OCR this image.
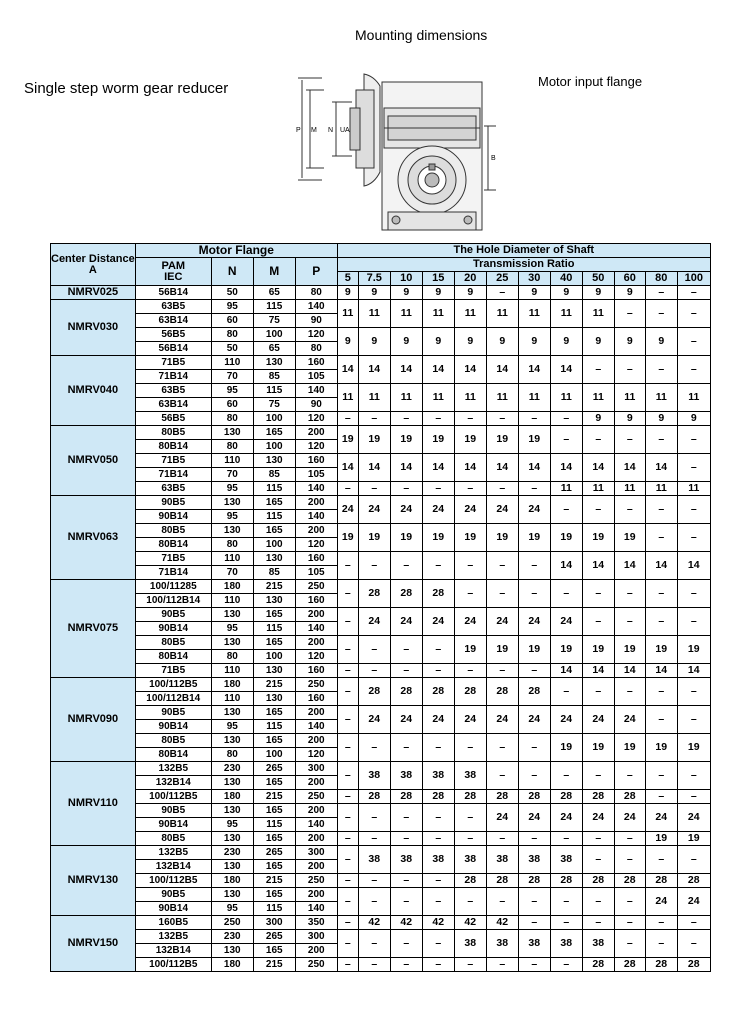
Mounting dimensions
Single step worm gear reducer	Motor input flange
P M N UA
B
Center Distance
A	Motor Flange				The Hole Diameter of Shaft											

	PAM
IEC	N	M	P	Transmission Ratio											
					5	7.5	10	15	20	25	30	40	50	60	80	100
NMRV025	56B14	50	65	80	9	9	9	9	9	–	9	9	9	9	–	–
NMRV030	63B5	95	115	140	11	11	11	11	11	11	11	11	11	–	–	–
	63B14	60	75	90												
	56B5	80	100	120	9	9	9	9	9	9	9	9	9	9	9	–
	56B14	50	65	80												
NMRV040	71B5	110	130	160	14	14	14	14	14	14	14	14	–	–	–	–
	71B14	70	85	105												
	63B5	95	115	140	11	11	11	11	11	11	11	11	11	11	11	11
	63B14	60	75	90												
	56B5	80	100	120	–	–	–	–	–	–	–	–	9	9	9	9
NMRV050	80B5	130	165	200	19	19	19	19	19	19	19	–	–	–	–	–
	80B14	80	100	120												
	71B5	110	130	160	14	14	14	14	14	14	14	14	14	14	14	–
	71B14	70	85	105												
	63B5	95	115	140	–	–	–	–	–	–	–	11	11	11	11	11
NMRV063	90B5	130	165	200	24	24	24	24	24	24	24	–	–	–	–	–
	90B14	95	115	140												
	80B5	130	165	200	19	19	19	19	19	19	19	19	19	19	–	–
	80B14	80	100	120												
	71B5	110	130	160	–	–	–	–	–	–	–	14	14	14	14	14
	71B14	70	85	105												
NMRV075	100/11285	180	215	250	–	28	28	28	–	–	–	–	–	–	–	–
	100/112B14	110	130	160												
	90B5	130	165	200	–	24	24	24	24	24	24	24	–	–	–	–
	90B14	95	115	140												
	80B5	130	165	200	–	–	–	–	19	19	19	19	19	19	19	19
	80B14	80	100	120												
	71B5	110	130	160	–	–	–	–	–	–	–	14	14	14	14	14
NMRV090	100/112B5	180	215	250	–	28	28	28	28	28	28	–	–	–	–	–
	100/112B14	110	130	160												
	90B5	130	165	200	–	24	24	24	24	24	24	24	24	24	–	–
	90B14	95	115	140												
	80B5	130	165	200	–	–	–	–	–	–	–	19	19	19	19	19
	80B14	80	100	120												
NMRV110	132B5	230	265	300	–	38	38	38	38	–	–	–	–	–	–	–
	132B14	130	165	200												
	100/112B5	180	215	250	–	28	28	28	28	28	28	28	28	28	–	–
	90B5	130	165	200	–	–	–	–	–	24	24	24	24	24	24	24
	90B14	95	115	140												
	80B5	130	165	200	–	–	–	–	–	–	–	–	–	–	19	19
NMRV130	132B5	230	265	300	–	38	38	38	38	38	38	38	–	–	–	–
	132B14	130	165	200												
	100/112B5	180	215	250	–	–	–	–	28	28	28	28	28	28	28	28
	90B5	130	165	200	–	–	–	–	–	–	–	–	–	–	24	24
	90B14	95	115	140												
NMRV150	160B5	250	300	350	–	42	42	42	42	42	–	–	–	–	–	–
	132B5	230	265	300	–	–	–	–	38	38	38	38	38	–	–	–
	132B14	130	165	200												
	100/112B5	180	215	250	–	–	–	–	–	–	–	–	28	28	28	28
